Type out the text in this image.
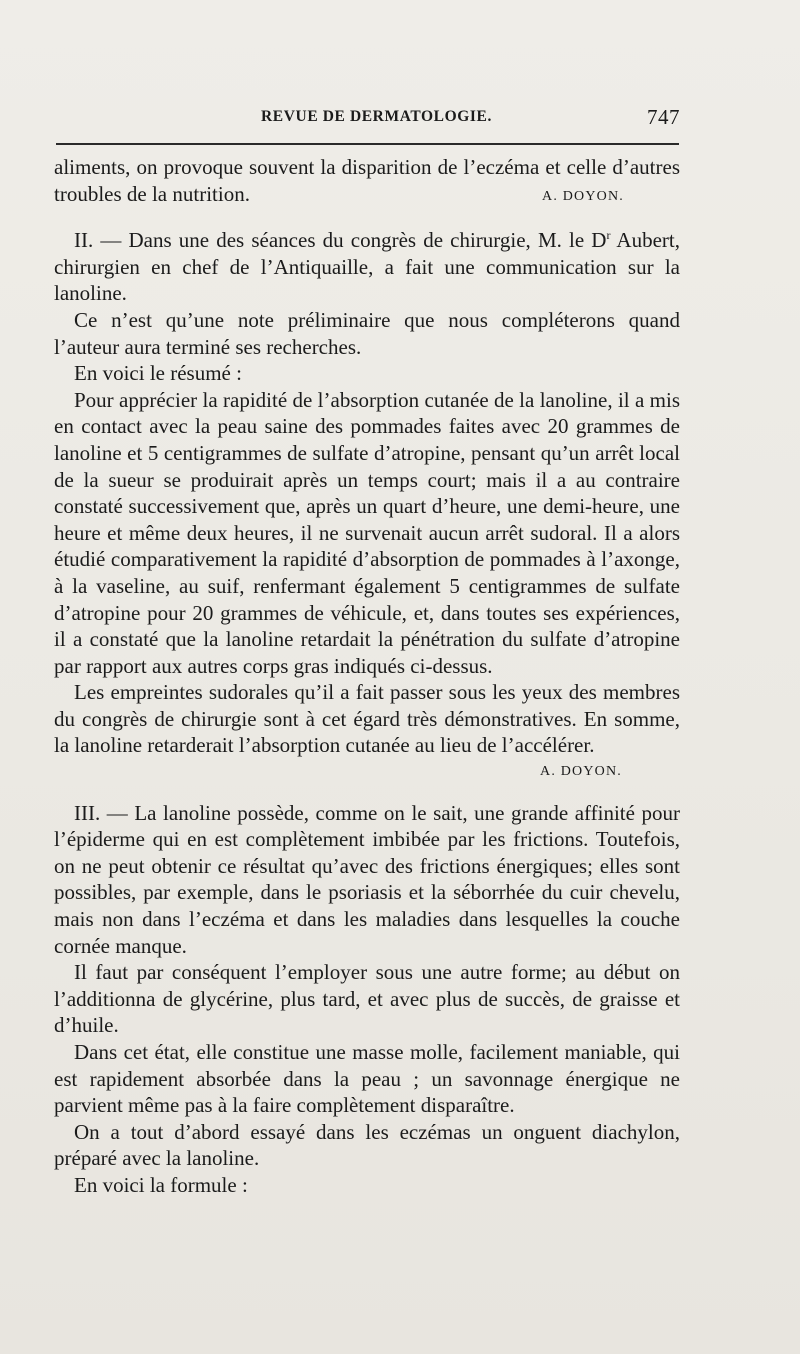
REVUE DE DERMATOLOGIE.	747

aliments, on provoque souvent la disparition de l’eczéma et celle d’autres troubles de la nutrition.	A. DOYON.

II. — Dans une des séances du congrès de chirurgie, M. le $D^r$ Aubert, chirurgien en chef de l’Antiquaille, a fait une communication sur la lanoline.

Ce n’est qu’une note préliminaire que nous compléterons quand l’auteur aura terminé ses recherches.

En voici le résumé :

Pour apprécier la rapidité de l’absorption cutanée de la lanoline, il a mis en contact avec la peau saine des pommades faites avec 20 grammes de lanoline et 5 centigrammes de sulfate d’atropine, pensant qu’un arrêt local de la sueur se produirait après un temps court; mais il a au contraire constaté successivement que, après un quart d’heure, une demi-heure, une heure et même deux heures, il ne survenait aucun arrêt sudoral. Il a alors étudié comparativement la rapidité d’absorption de pommades à l’axonge, à la vaseline, au suif, renfermant également 5 centigrammes de sulfate d’atropine pour 20 grammes de véhicule, et, dans toutes ses expériences, il a constaté que la lanoline retardait la pénétration du sulfate d’atropine par rapport aux autres corps gras indiqués ci-dessus.

Les empreintes sudorales qu’il a fait passer sous les yeux des membres du congrès de chirurgie sont à cet égard très démonstratives. En somme, la lanoline retarderait l’absorption cutanée au lieu de l’accélérer.

A. DOYON.

III. — La lanoline possède, comme on le sait, une grande affinité pour l’épiderme qui en est complètement imbibée par les frictions. Toutefois, on ne peut obtenir ce résultat qu’avec des frictions énergiques; elles sont possibles, par exemple, dans le psoriasis et la séborrhée du cuir chevelu, mais non dans l’eczéma et dans les maladies dans lesquelles la couche cornée manque.

Il faut par conséquent l’employer sous une autre forme; au début on l’additionna de glycérine, plus tard, et avec plus de succès, de graisse et d’huile.

Dans cet état, elle constitue une masse molle, facilement maniable, qui est rapidement absorbée dans la peau ; un savonnage énergique ne parvient même pas à la faire complètement disparaître.

On a tout d’abord essayé dans les eczémas un onguent diachylon, préparé avec la lanoline.

En voici la formule :
